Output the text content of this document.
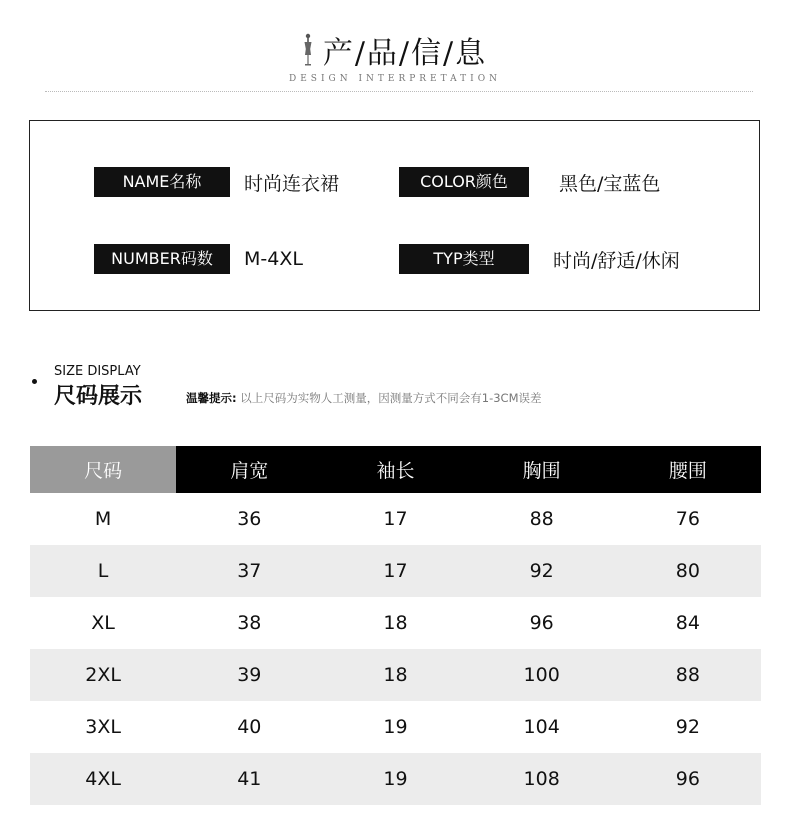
产/品/信/息
DESIGN INTERPRETATION
NAME名称	时尚连衣裙	COLOR颜色	黑色/宝蓝色
NUMBER码数	M-4XL	TYP类型	时尚/舒适/休闲
SIZE DISPLAY
尺码展示	温馨提示: 以上尺码为实物人工测量，因测量方式不同会有1-3CM误差
尺码	肩宽	袖长	胸围	腰围
M	36	17	88	76
L	37	17	92	80
XL	38	18	96	84
2XL	39	18	100	88
3XL	40	19	104	92
4XL	41	19	108	96
